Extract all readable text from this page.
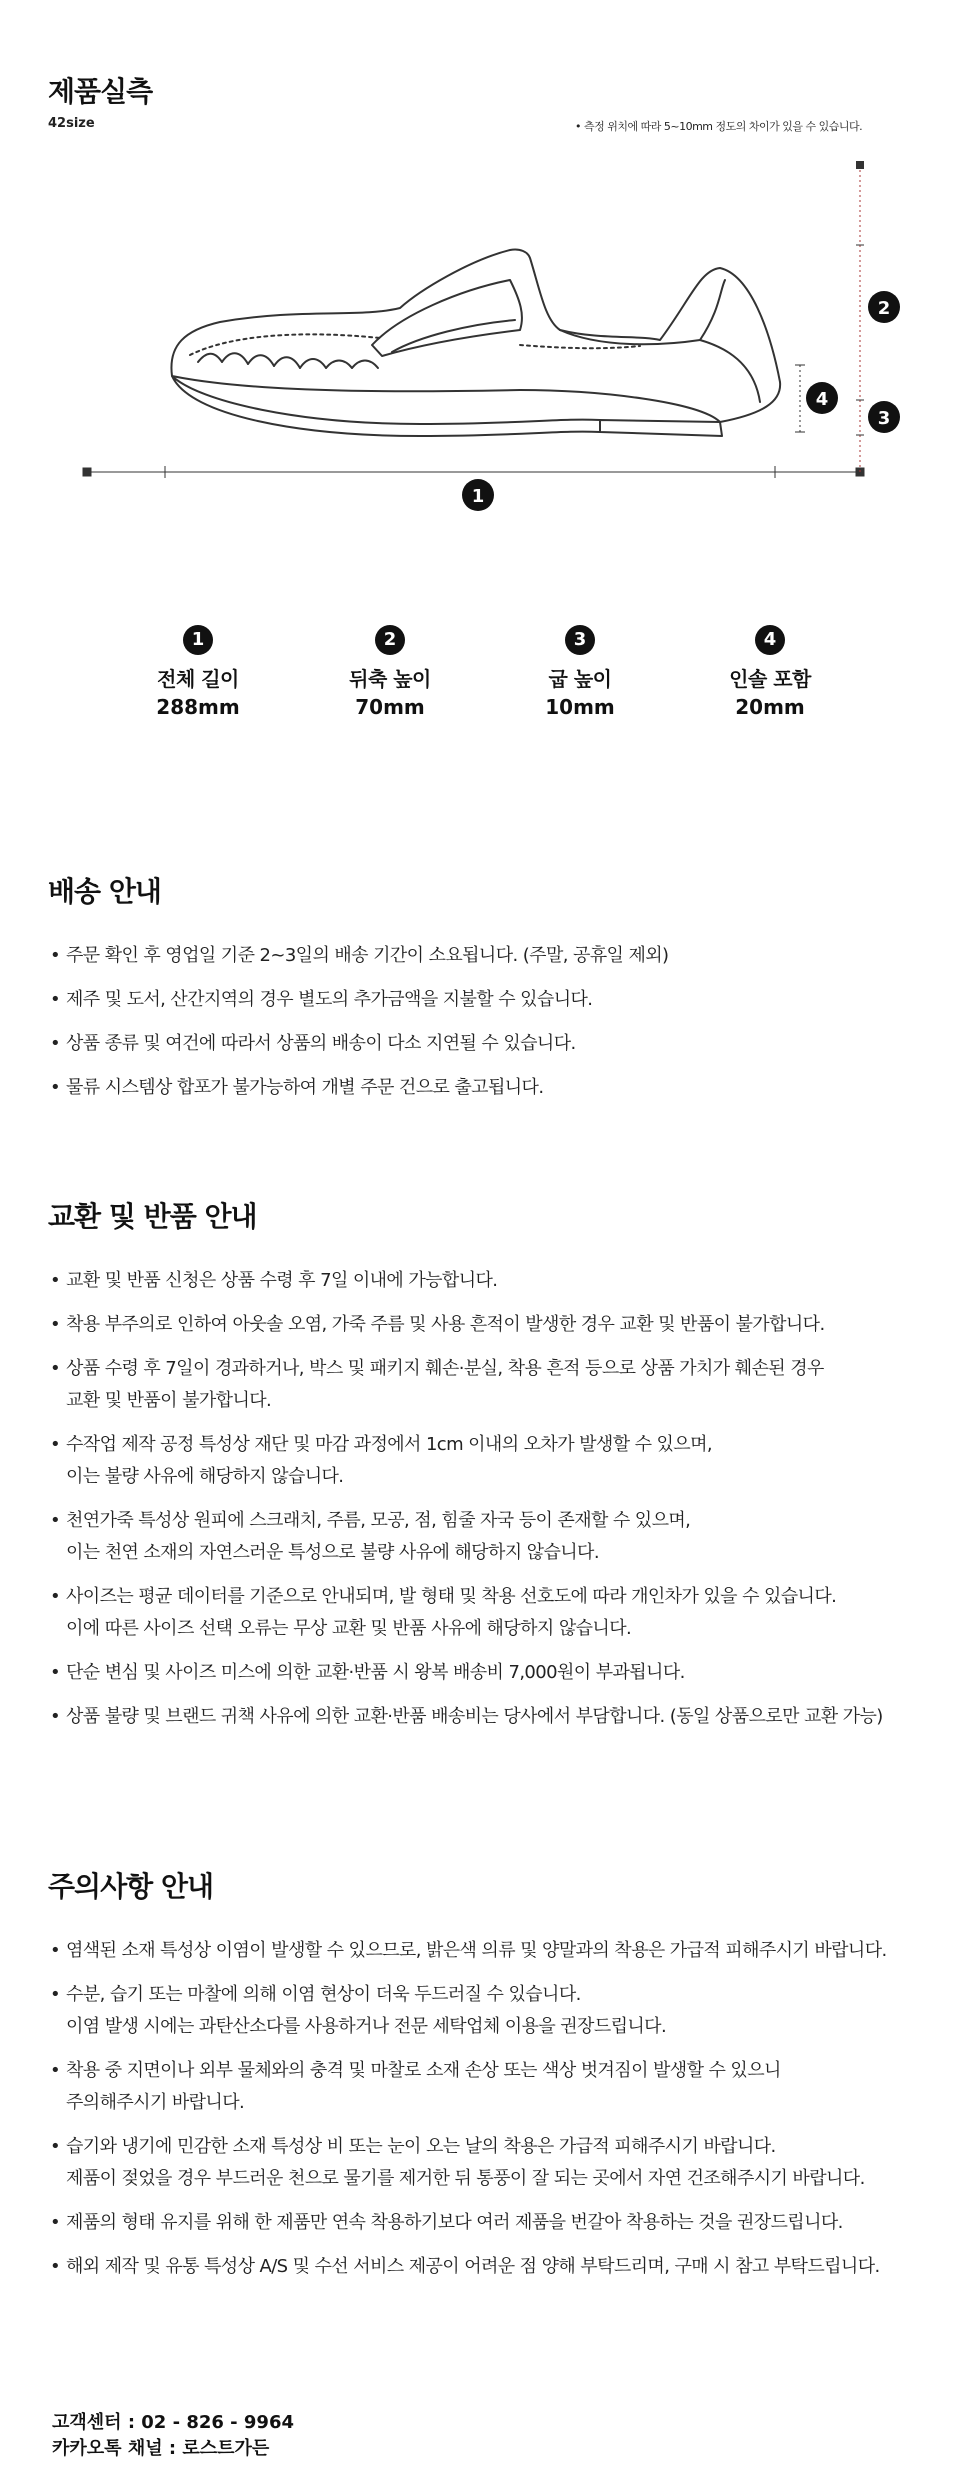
제품실측
42size	• 측정 위치에 따라 5~10mm 정도의 차이가 있을 수 있습니다.
1
2
3
4
1
전체 길이
288mm
2
뒤축 높이
70mm
3
굽 높이
10mm
4
인솔 포함
20mm
배송 안내
• 주문 확인 후 영업일 기준 2~3일의 배송 기간이 소요됩니다. (주말, 공휴일 제외)
• 제주 및 도서, 산간지역의 경우 별도의 추가금액을 지불할 수 있습니다.
• 상품 종류 및 여건에 따라서 상품의 배송이 다소 지연될 수 있습니다.
• 물류 시스템상 합포가 불가능하여 개별 주문 건으로 출고됩니다.
교환 및 반품 안내
• 교환 및 반품 신청은 상품 수령 후 7일 이내에 가능합니다.
• 착용 부주의로 인하여 아웃솔 오염, 가죽 주름 및 사용 흔적이 발생한 경우 교환 및 반품이 불가합니다.
• 상품 수령 후 7일이 경과하거나, 박스 및 패키지 훼손·분실, 착용 흔적 등으로 상품 가치가 훼손된 경우
교환 및 반품이 불가합니다.
• 수작업 제작 공정 특성상 재단 및 마감 과정에서 1cm 이내의 오차가 발생할 수 있으며,
이는 불량 사유에 해당하지 않습니다.
• 천연가죽 특성상 원피에 스크래치, 주름, 모공, 점, 힘줄 자국 등이 존재할 수 있으며,
이는 천연 소재의 자연스러운 특성으로 불량 사유에 해당하지 않습니다.
• 사이즈는 평균 데이터를 기준으로 안내되며, 발 형태 및 착용 선호도에 따라 개인차가 있을 수 있습니다.
이에 따른 사이즈 선택 오류는 무상 교환 및 반품 사유에 해당하지 않습니다.
• 단순 변심 및 사이즈 미스에 의한 교환·반품 시 왕복 배송비 7,000원이 부과됩니다.
• 상품 불량 및 브랜드 귀책 사유에 의한 교환·반품 배송비는 당사에서 부담합니다. (동일 상품으로만 교환 가능)
주의사항 안내
• 염색된 소재 특성상 이염이 발생할 수 있으므로, 밝은색 의류 및 양말과의 착용은 가급적 피해주시기 바랍니다.
• 수분, 습기 또는 마찰에 의해 이염 현상이 더욱 두드러질 수 있습니다.
이염 발생 시에는 과탄산소다를 사용하거나 전문 세탁업체 이용을 권장드립니다.
• 착용 중 지면이나 외부 물체와의 충격 및 마찰로 소재 손상 또는 색상 벗겨짐이 발생할 수 있으니
주의해주시기 바랍니다.
• 습기와 냉기에 민감한 소재 특성상 비 또는 눈이 오는 날의 착용은 가급적 피해주시기 바랍니다.
제품이 젖었을 경우 부드러운 천으로 물기를 제거한 뒤 통풍이 잘 되는 곳에서 자연 건조해주시기 바랍니다.
• 제품의 형태 유지를 위해 한 제품만 연속 착용하기보다 여러 제품을 번갈아 착용하는 것을 권장드립니다.
• 해외 제작 및 유통 특성상 A/S 및 수선 서비스 제공이 어려운 점 양해 부탁드리며, 구매 시 참고 부탁드립니다.
고객센터 : 02 - 826 - 9964
카카오톡 채널 : 로스트가든
